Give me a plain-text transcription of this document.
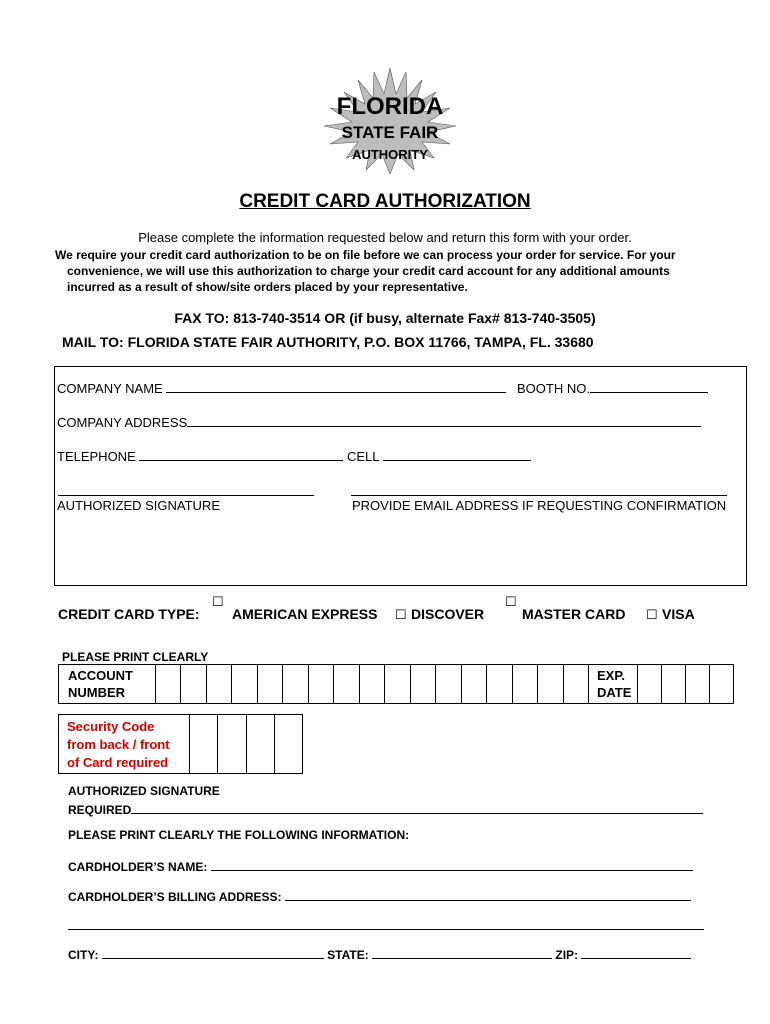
FLORIDA
STATE FAIR
AUTHORITY
CREDIT CARD AUTHORIZATION
Please complete the information requested below and return this form with your order.
We require your credit card authorization to be on file before we can process your order for service. For your
convenience, we will use this authorization to charge your credit card account for any additional amounts
incurred as a result of show/site orders placed by your representative.
FAX TO: 813-740-3514 OR (if busy, alternate Fax# 813-740-3505)
MAIL TO: FLORIDA STATE FAIR AUTHORITY, P.O. BOX 11766, TAMPA, FL. 33680
COMPANY NAME	BOOTH NO.
COMPANY ADDRESS
TELEPHONE	CELL
AUTHORIZED SIGNATURE	PROVIDE EMAIL ADDRESS IF REQUESTING CONFIRMATION
CREDIT CARD TYPE:
☐
AMERICAN EXPRESS ☐ DISCOVER
☐
MASTER CARD ☐ VISA
PLEASE PRINT CLEARLY
ACCOUNT
NUMBER
EXP.
DATE
Security Code
from back / front
of Card required
AUTHORIZED SIGNATURE
REQUIRED
PLEASE PRINT CLEARLY THE FOLLOWING INFORMATION:
CARDHOLDER’S NAME:
CARDHOLDER’S BILLING ADDRESS:
CITY:	STATE:	ZIP:
